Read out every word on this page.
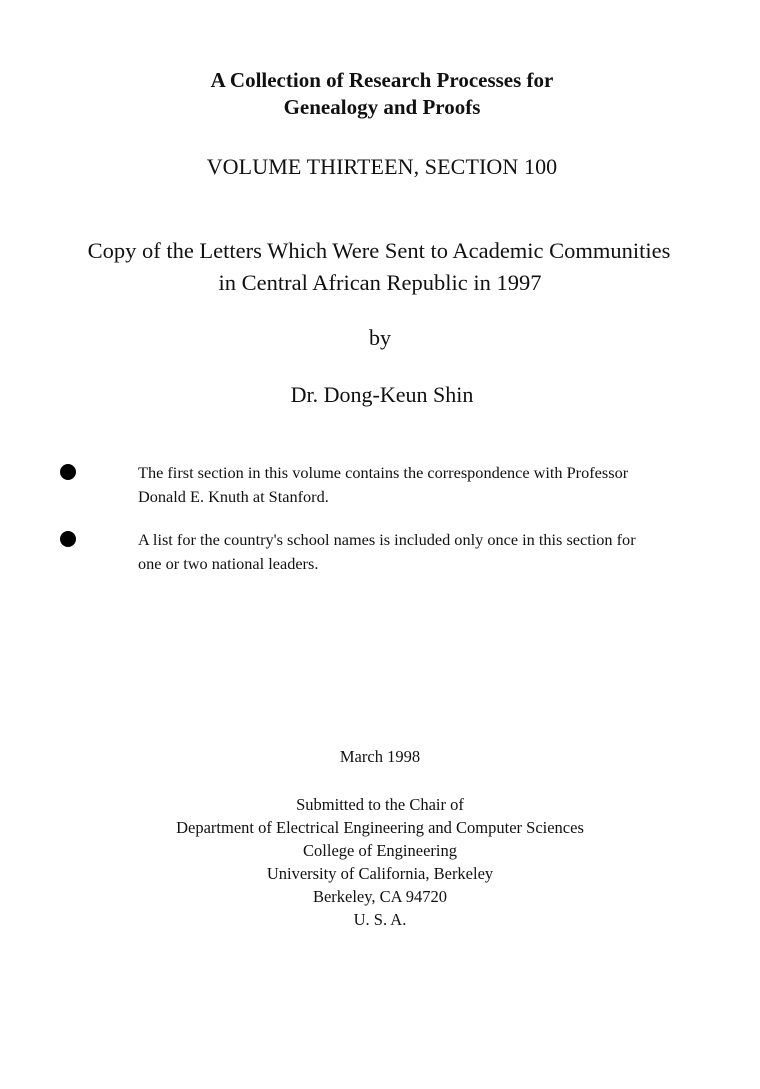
A Collection of Research Processes for
Genealogy and Proofs
VOLUME THIRTEEN, SECTION 100
Copy of the Letters Which Were Sent to Academic Communities
in Central African Republic in 1997
by
Dr. Dong-Keun Shin
The first section in this volume contains the correspondence with Professor
Donald E. Knuth at Stanford.
A list for the country's school names is included only once in this section for
one or two national leaders.
March 1998
Submitted to the Chair of
Department of Electrical Engineering and Computer Sciences
College of Engineering
University of California, Berkeley
Berkeley, CA 94720
U. S. A.
